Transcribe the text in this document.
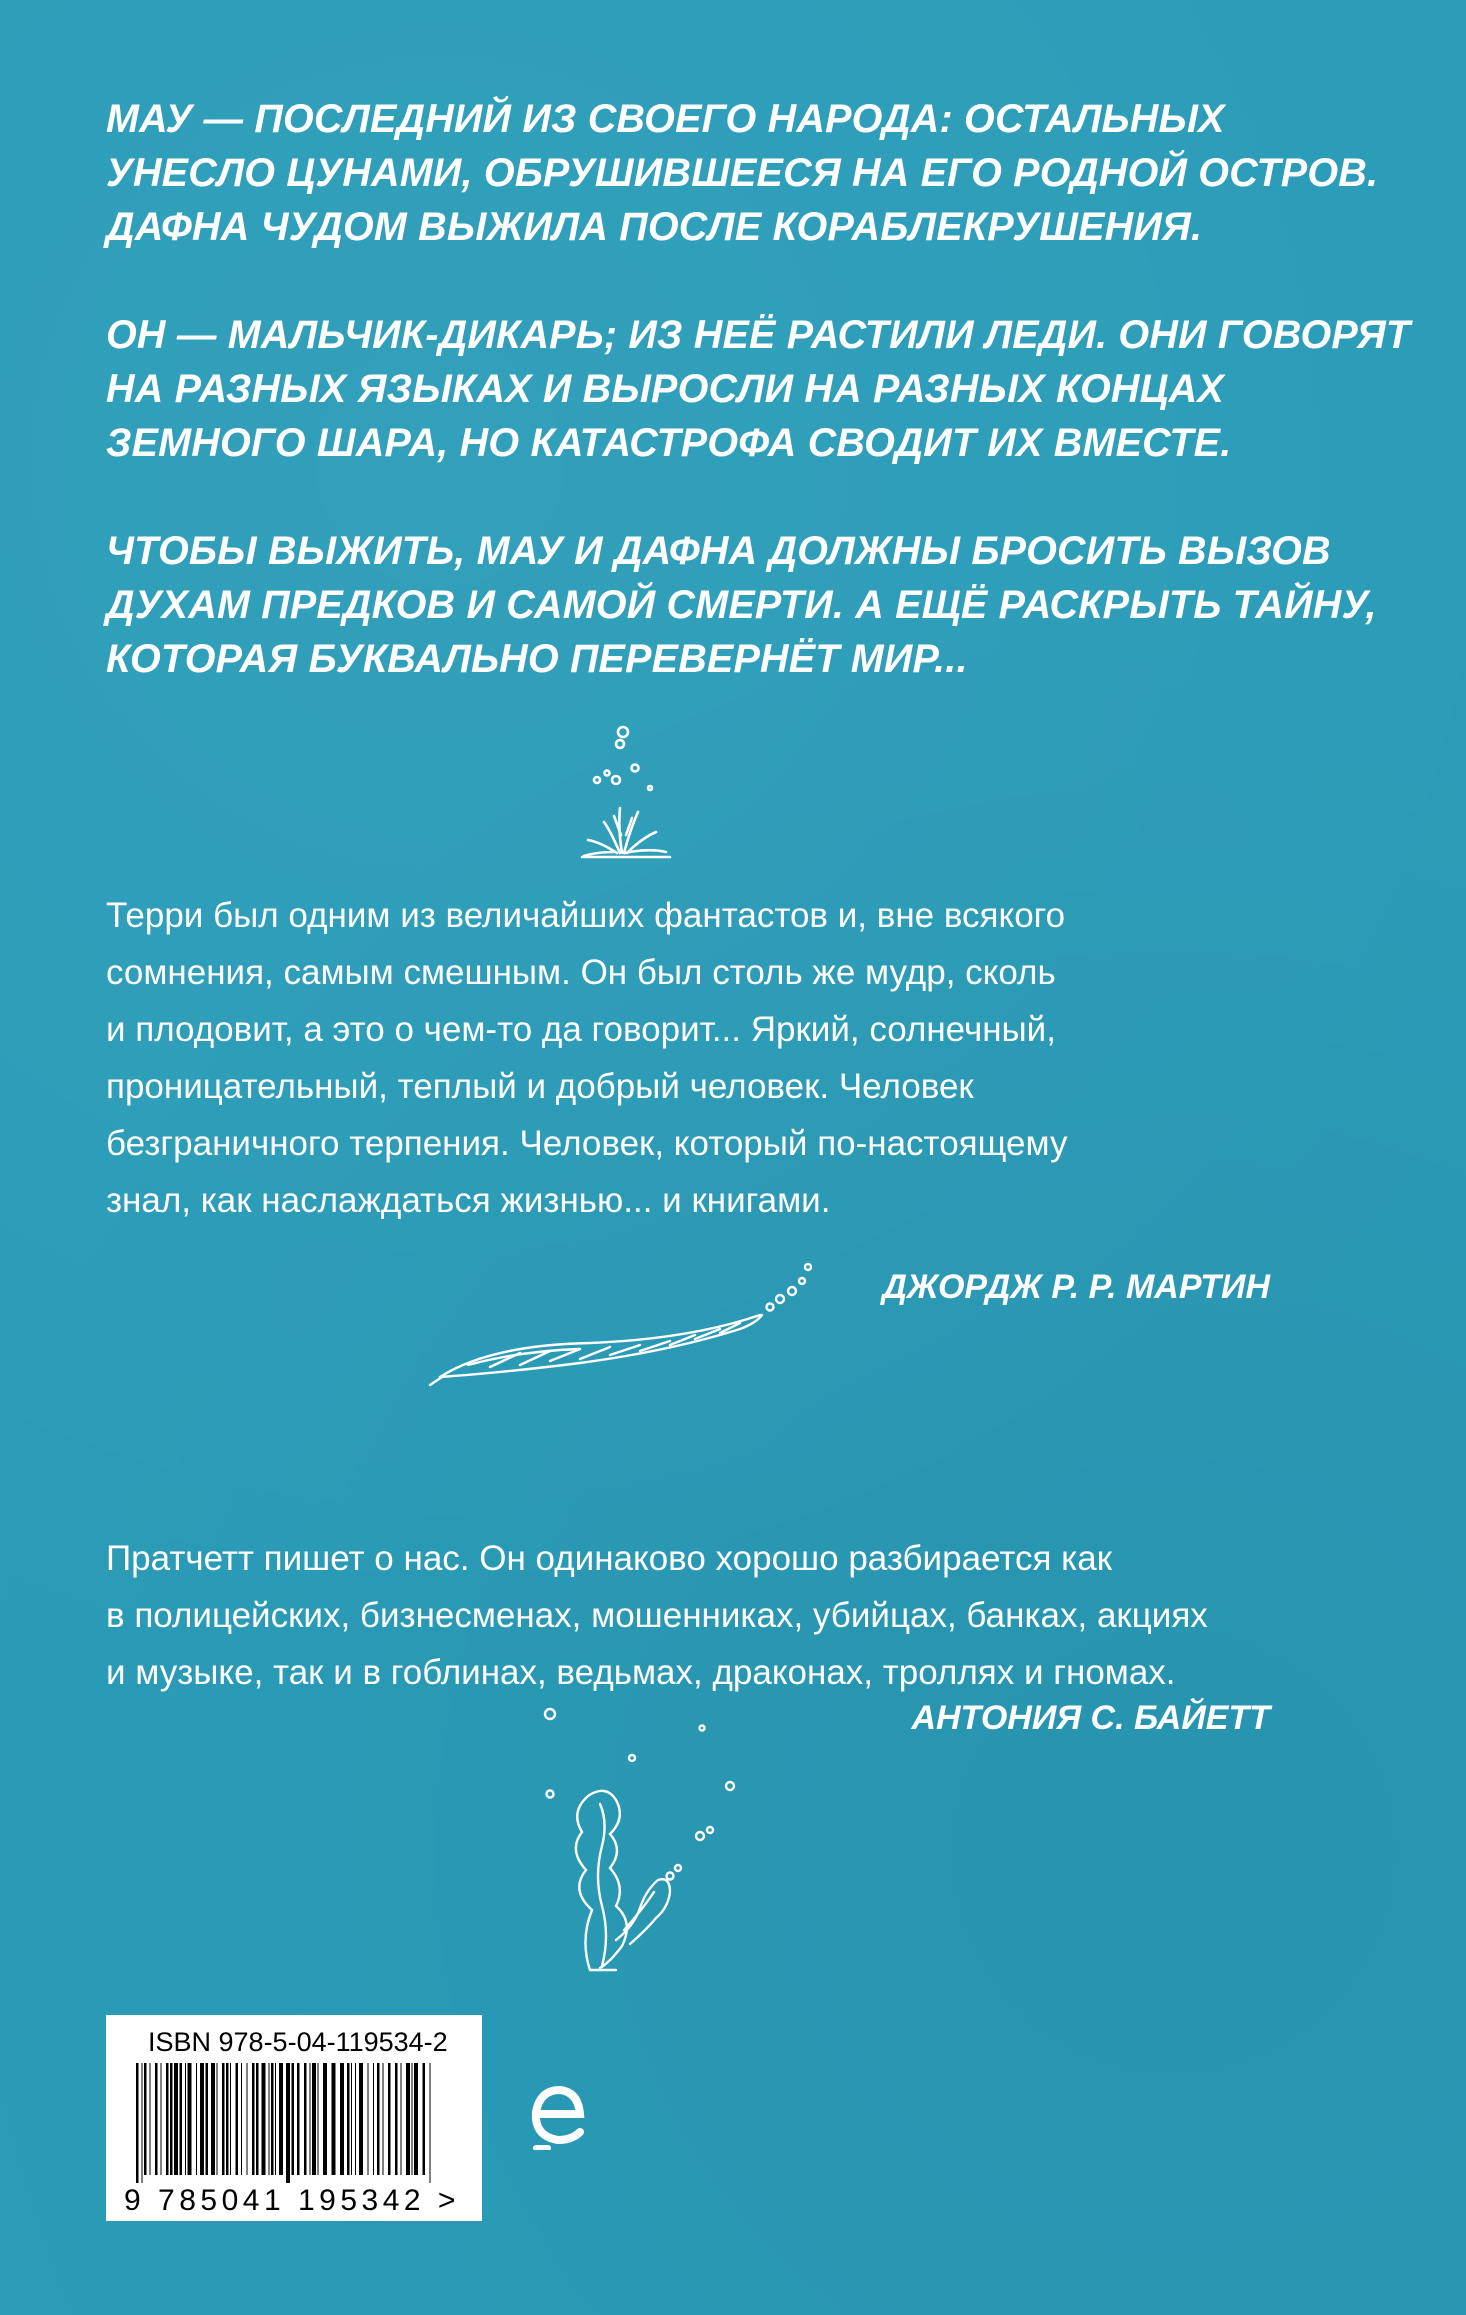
МАУ — ПОСЛЕДНИЙ ИЗ СВОЕГО НАРОДА: ОСТАЛЬНЫХ
УНЕСЛО ЦУНАМИ, ОБРУШИВШЕЕСЯ НА ЕГО РОДНОЙ ОСТРОВ.
ДАФНА ЧУДОМ ВЫЖИЛА ПОСЛЕ КОРАБЛЕКРУШЕНИЯ.

ОН — МАЛЬЧИК-ДИКАРЬ; ИЗ НЕЁ РАСТИЛИ ЛЕДИ. ОНИ ГОВОРЯТ
НА РАЗНЫХ ЯЗЫКАХ И ВЫРОСЛИ НА РАЗНЫХ КОНЦАХ
ЗЕМНОГО ШАРА, НО КАТАСТРОФА СВОДИТ ИХ ВМЕСТЕ.

ЧТОБЫ ВЫЖИТЬ, МАУ И ДАФНА ДОЛЖНЫ БРОСИТЬ ВЫЗОВ
ДУХАМ ПРЕДКОВ И САМОЙ СМЕРТИ. А ЕЩЁ РАСКРЫТЬ ТАЙНУ,
КОТОРАЯ БУКВАЛЬНО ПЕРЕВЕРНЁТ МИР...

Терри был одним из величайших фантастов и, вне всякого
сомнения, самым смешным. Он был столь же мудр, сколь
и плодовит, а это о чем-то да говорит... Яркий, солнечный,
проницательный, теплый и добрый человек. Человек
безграничного терпения. Человек, который по-настоящему
знал, как наслаждаться жизнью... и книгами.
ДЖОРДЖ Р. Р. МАРТИН
Пратчетт пишет о нас. Он одинаково хорошо разбирается как
в полицейских, бизнесменах, мошенниках, убийцах, банках, акциях
и музыке, так и в гоблинах, ведьмах, драконах, троллях и гномах.
АНТОНИЯ С. БАЙЕТТ
ISBN 978-5-04-119534-2
9 785041 195342 >
